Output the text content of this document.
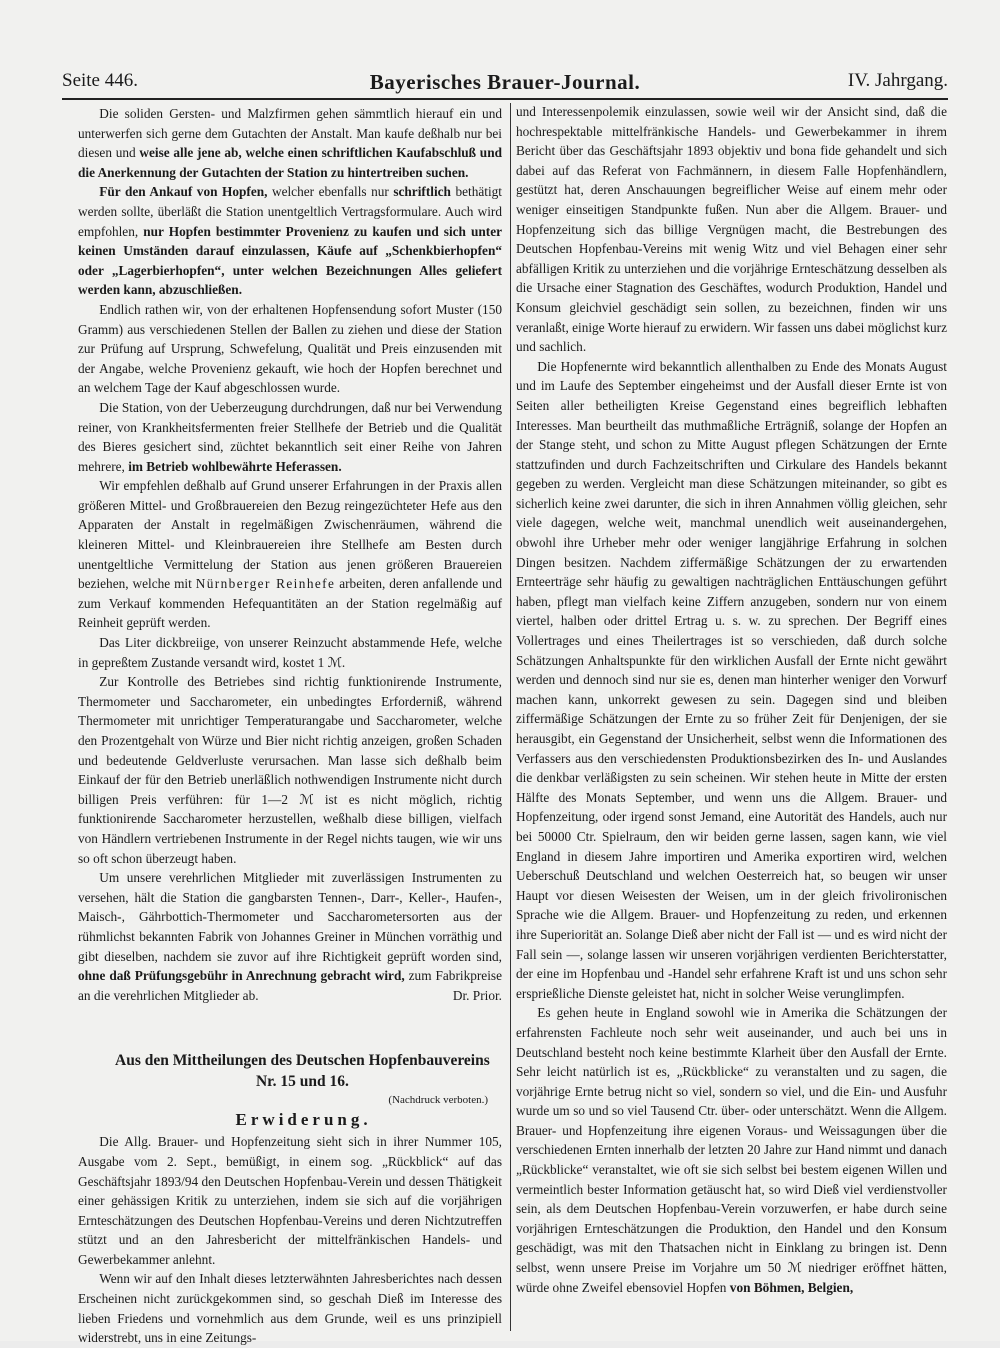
Seite 446.	Bayerisches Brauer-Journal.	IV. Jahrgang.

Die soliden Gersten- und Malzfirmen gehen sämmtlich hierauf ein und unterwerfen sich gerne dem Gutachten der Anstalt. Man kaufe deßhalb nur bei diesen und weise alle jene ab, welche einen schriftlichen Kaufabschluß und die Anerkennung der Gutachten der Station zu hintertreiben suchen.

Für den Ankauf von Hopfen, welcher ebenfalls nur schriftlich bethätigt werden sollte, überläßt die Station unentgeltlich Vertragsformulare. Auch wird empfohlen, nur Hopfen bestimmter Provenienz zu kaufen und sich unter keinen Umständen darauf einzulassen, Käufe auf „Schenkbierhopfen“ oder „Lagerbierhopfen“, unter welchen Bezeichnungen Alles geliefert werden kann, abzuschließen.

Endlich rathen wir, von der erhaltenen Hopfensendung sofort Muster (150 Gramm) aus verschiedenen Stellen der Ballen zu ziehen und diese der Station zur Prüfung auf Ursprung, Schwefelung, Qualität und Preis einzusenden mit der Angabe, welche Provenienz gekauft, wie hoch der Hopfen berechnet und an welchem Tage der Kauf abgeschlossen wurde.

Die Station, von der Ueberzeugung durchdrungen, daß nur bei Verwendung reiner, von Krankheitsfermenten freier Stellhefe der Betrieb und die Qualität des Bieres gesichert sind, züchtet bekanntlich seit einer Reihe von Jahren mehrere, im Betrieb wohlbewährte Heferassen.

Wir empfehlen deßhalb auf Grund unserer Erfahrungen in der Praxis allen größeren Mittel- und Großbrauereien den Bezug reingezüchteter Hefe aus den Apparaten der Anstalt in regelmäßigen Zwischenräumen, während die kleineren Mittel- und Kleinbrauereien ihre Stellhefe am Besten durch unentgeltliche Vermittelung der Station aus jenen größeren Brauereien beziehen, welche mit Nürnberger Reinhefe arbeiten, deren anfallende und zum Verkauf kommenden Hefequantitäten an der Station regelmäßig auf Reinheit geprüft werden.

Das Liter dickbreiige, von unserer Reinzucht abstammende Hefe, welche in gepreßtem Zustande versandt wird, kostet 1 ℳ.

Zur Kontrolle des Betriebes sind richtig funktionirende Instrumente, Thermometer und Saccharometer, ein unbedingtes Erforderniß, während Thermometer mit unrichtiger Temperaturangabe und Saccharometer, welche den Prozentgehalt von Würze und Bier nicht richtig anzeigen, großen Schaden und bedeutende Geldverluste verursachen. Man lasse sich deßhalb beim Einkauf der für den Betrieb unerläßlich nothwendigen Instrumente nicht durch billigen Preis verführen: für 1—2 ℳ ist es nicht möglich, richtig funktionirende Saccharometer herzustellen, weßhalb diese billigen, vielfach von Händlern vertriebenen Instrumente in der Regel nichts taugen, wie wir uns so oft schon überzeugt haben.

Um unsere verehrlichen Mitglieder mit zuverlässigen Instrumenten zu versehen, hält die Station die gangbarsten Tennen-, Darr-, Keller-, Haufen-, Maisch-, Gährbottich-Thermometer und Saccharometersorten aus der rühmlichst bekannten Fabrik von Johannes Greiner in München vorräthig und gibt dieselben, nachdem sie zuvor auf ihre Richtigkeit geprüft worden sind, ohne daß Prüfungsgebühr in Anrechnung gebracht wird, zum Fabrikpreise an die verehrlichen Mitglieder ab.	Dr. Prior.

Aus den Mittheilungen des Deutschen Hopfenbauvereins

Nr. 15 und 16.

(Nachdruck verboten.)

Erwiderung.

Die Allg. Brauer- und Hopfenzeitung sieht sich in ihrer Nummer 105, Ausgabe vom 2. Sept., bemüßigt, in einem sog. „Rückblick“ auf das Geschäftsjahr 1893/94 den Deutschen Hopfenbau-Verein und dessen Thätigkeit einer gehässigen Kritik zu unterziehen, indem sie sich auf die vorjährigen Ernteschätzungen des Deutschen Hopfenbau-Vereins und deren Nichtzutreffen stützt und an den Jahresbericht der mittelfränkischen Handels- und Gewerbekammer anlehnt.

Wenn wir auf den Inhalt dieses letzterwähnten Jahresberichtes nach dessen Erscheinen nicht zurückgekommen sind, so geschah Dieß im Interesse des lieben Friedens und vornehmlich aus dem Grunde, weil es uns prinzipiell widerstrebt, uns in eine Zeitungs-

und Interessenpolemik einzulassen, sowie weil wir der Ansicht sind, daß die hochrespektable mittelfränkische Handels- und Gewerbekammer in ihrem Bericht über das Geschäftsjahr 1893 objektiv und bona fide gehandelt und sich dabei auf das Referat von Fachmännern, in diesem Falle Hopfenhändlern, gestützt hat, deren Anschauungen begreiflicher Weise auf einem mehr oder weniger einseitigen Standpunkte fußen. Nun aber die Allgem. Brauer- und Hopfenzeitung sich das billige Vergnügen macht, die Bestrebungen des Deutschen Hopfenbau-Vereins mit wenig Witz und viel Behagen einer sehr abfälligen Kritik zu unterziehen und die vorjährige Ernteschätzung desselben als die Ursache einer Stagnation des Geschäftes, wodurch Produktion, Handel und Konsum gleichviel geschädigt sein sollen, zu bezeichnen, finden wir uns veranlaßt, einige Worte hierauf zu erwidern. Wir fassen uns dabei möglichst kurz und sachlich.

Die Hopfenernte wird bekanntlich allenthalben zu Ende des Monats August und im Laufe des September eingeheimst und der Ausfall dieser Ernte ist von Seiten aller betheiligten Kreise Gegenstand eines begreiflich lebhaften Interesses. Man beurtheilt das muthmaßliche Erträgniß, solange der Hopfen an der Stange steht, und schon zu Mitte August pflegen Schätzungen der Ernte stattzufinden und durch Fachzeitschriften und Cirkulare des Handels bekannt gegeben zu werden. Vergleicht man diese Schätzungen miteinander, so gibt es sicherlich keine zwei darunter, die sich in ihren Annahmen völlig gleichen, sehr viele dagegen, welche weit, manchmal unendlich weit auseinandergehen, obwohl ihre Urheber mehr oder weniger langjährige Erfahrung in solchen Dingen besitzen. Nachdem ziffermäßige Schätzungen der zu erwartenden Ernteerträge sehr häufig zu gewaltigen nachträglichen Enttäuschungen geführt haben, pflegt man vielfach keine Ziffern anzugeben, sondern nur von einem viertel, halben oder drittel Ertrag u. s. w. zu sprechen. Der Begriff eines Vollertrages und eines Theilertrages ist so verschieden, daß durch solche Schätzungen Anhaltspunkte für den wirklichen Ausfall der Ernte nicht gewährt werden und dennoch sind nur sie es, denen man hinterher weniger den Vorwurf machen kann, unkorrekt gewesen zu sein. Dagegen sind und bleiben ziffermäßige Schätzungen der Ernte zu so früher Zeit für Denjenigen, der sie herausgibt, ein Gegenstand der Unsicherheit, selbst wenn die Informationen des Verfassers aus den verschiedensten Produktionsbezirken des In- und Auslandes die denkbar verläßigsten zu sein scheinen. Wir stehen heute in Mitte der ersten Hälfte des Monats September, und wenn uns die Allgem. Brauer- und Hopfenzeitung, oder irgend sonst Jemand, eine Autorität des Handels, auch nur bei 50000 Ctr. Spielraum, den wir beiden gerne lassen, sagen kann, wie viel England in diesem Jahre importiren und Amerika exportiren wird, welchen Ueberschuß Deutschland und welchen Oesterreich hat, so beugen wir unser Haupt vor diesen Weisesten der Weisen, um in der gleich frivolironischen Sprache wie die Allgem. Brauer- und Hopfenzeitung zu reden, und erkennen ihre Superiorität an. Solange Dieß aber nicht der Fall ist — und es wird nicht der Fall sein —, solange lassen wir unseren vorjährigen verdienten Berichterstatter, der eine im Hopfenbau und -Handel sehr erfahrene Kraft ist und uns schon sehr ersprießliche Dienste geleistet hat, nicht in solcher Weise verunglimpfen.

Es gehen heute in England sowohl wie in Amerika die Schätzungen der erfahrensten Fachleute noch sehr weit auseinander, und auch bei uns in Deutschland besteht noch keine bestimmte Klarheit über den Ausfall der Ernte. Sehr leicht natürlich ist es, „Rückblicke“ zu veranstalten und zu sagen, die vorjährige Ernte betrug nicht so viel, sondern so viel, und die Ein- und Ausfuhr wurde um so und so viel Tausend Ctr. über- oder unterschätzt. Wenn die Allgem. Brauer- und Hopfenzeitung ihre eigenen Voraus- und Weissagungen über die verschiedenen Ernten innerhalb der letzten 20 Jahre zur Hand nimmt und danach „Rückblicke“ veranstaltet, wie oft sie sich selbst bei bestem eigenen Willen und vermeintlich bester Information getäuscht hat, so wird Dieß viel verdienstvoller sein, als dem Deutschen Hopfenbau-Verein vorzuwerfen, er habe durch seine vorjährigen Ernteschätzungen die Produktion, den Handel und den Konsum geschädigt, was mit den Thatsachen nicht in Einklang zu bringen ist. Denn selbst, wenn unsere Preise im Vorjahre um 50 ℳ niedriger eröffnet hätten, würde ohne Zweifel ebensoviel Hopfen von Böhmen, Belgien,
